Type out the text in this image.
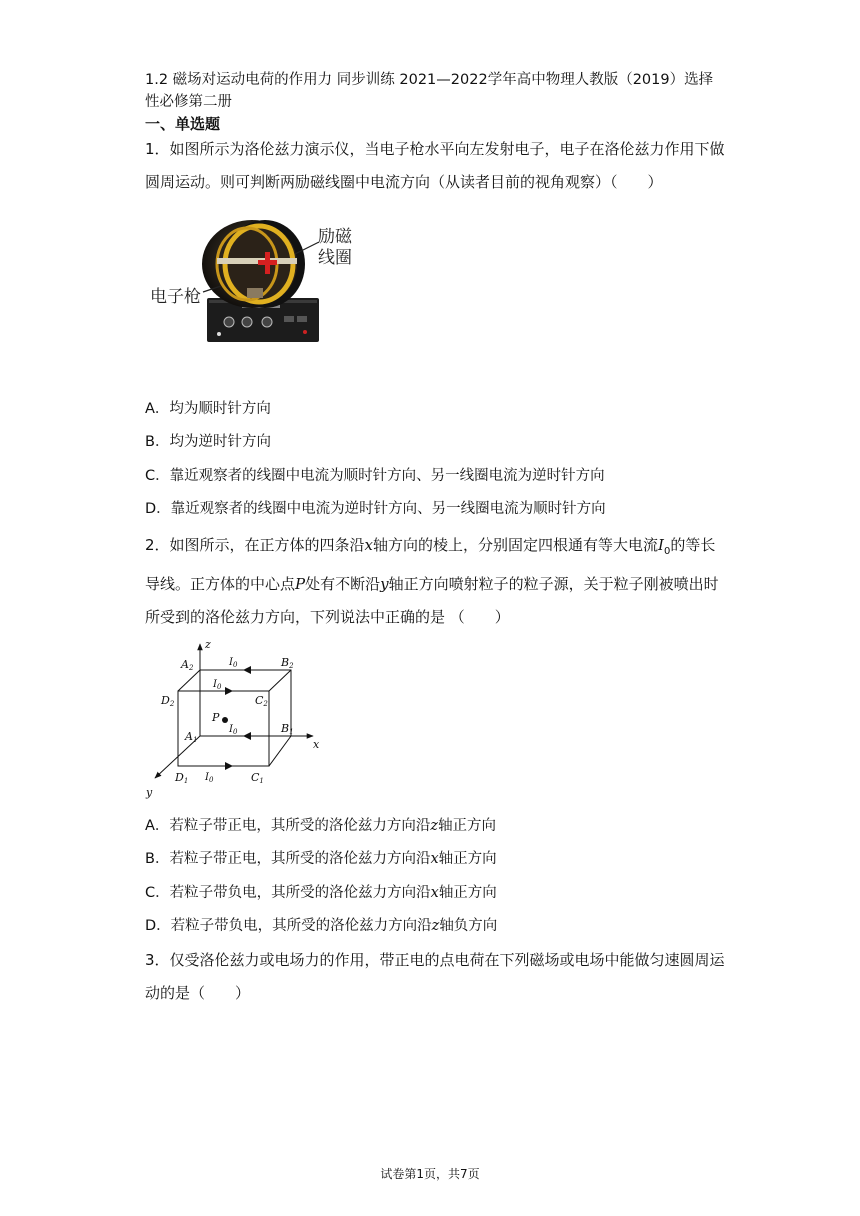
1.2 磁场对运动电荷的作用力 同步训练 2021—2022学年高中物理人教版（2019）选择性必修第二册
一、单选题
1．如图所示为洛伦兹力演示仪，当电子枪水平向左发射电子，电子在洛伦兹力作用下做圆周运动。则可判断两励磁线圈中电流方向（从读者目前的视角观察）（　　）
励磁
线圈
电子枪
A．均为顺时针方向
B．均为逆时针方向
C．靠近观察者的线圈中电流为顺时针方向、另一线圈电流为逆时针方向
D．靠近观察者的线圈中电流为逆时针方向、另一线圈电流为顺时针方向
2．如图所示，在正方体的四条沿x轴方向的棱上，分别固定四根通有等大电流$I_0$的等长导线。正方体的中心点P处有不断沿y轴正方向喷射粒子的粒子源，关于粒子刚被喷出时所受到的洛伦兹力方向，下列说法中正确的是 （　　）
P
z
x
y
A2	B2
D2	C2
A1
B1
D1	C1
$I_0$
$I_0$
$I_0$
$I_0$
A．若粒子带正电，其所受的洛伦兹力方向沿z轴正方向
B．若粒子带正电，其所受的洛伦兹力方向沿x轴正方向
C．若粒子带负电，其所受的洛伦兹力方向沿x轴正方向
D．若粒子带负电，其所受的洛伦兹力方向沿z轴负方向
3．仅受洛伦兹力或电场力的作用，带正电的点电荷在下列磁场或电场中能做匀速圆周运动的是（　　）
试卷第1页，共7页
